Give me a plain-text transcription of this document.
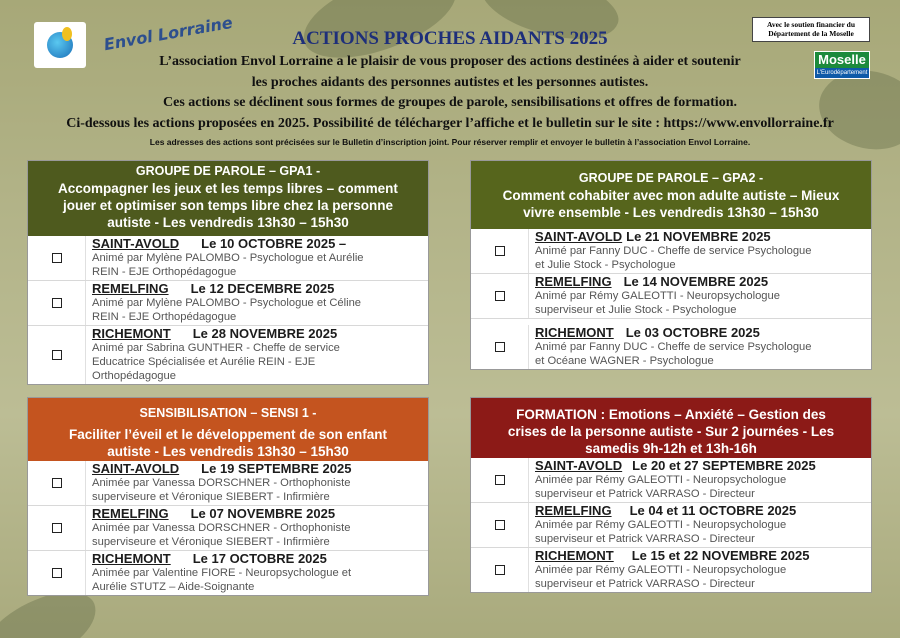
Envol Lorraine	Avec le soutien financier du
Département de la Moselle
Moselle
L'Eurodépartement
ACTIONS PROCHES AIDANTS 2025
L’association Envol Lorraine a le plaisir de vous proposer des actions destinées à aider et soutenir
les proches aidants des personnes autistes et les personnes autistes.
Ces actions se déclinent sous formes de groupes de parole, sensibilisations et offres de formation.
Ci-dessous les actions proposées en 2025. Possibilité de télécharger l’affiche et le bulletin sur le site : https://www.envollorraine.fr
Les adresses des actions sont précisées sur le Bulletin d’inscription joint. Pour réserver remplir et envoyer le bulletin à l’association Envol Lorraine.
GROUPE DE PAROLE – GPA1 -
Accompagner les jeux et les temps libres – comment
jouer et optimiser son temps libre chez la personne
autiste - Les vendredis 13h30 – 15h30
SAINT-AVOLD Le 10 OCTOBRE 2025 –
Animé par Mylène PALOMBO - Psychologue et Aurélie
REIN - EJE Orthopédagogue
REMELFING Le 12 DECEMBRE 2025
Animé par Mylène PALOMBO - Psychologue et Céline
REIN - EJE Orthopédagogue
RICHEMONT Le 28 NOVEMBRE 2025
Animé par Sabrina GUNTHER - Cheffe de service
Educatrice Spécialisée et Aurélie REIN - EJE
Orthopédagogue
GROUPE DE PAROLE – GPA2 -
Comment cohabiter avec mon adulte autiste – Mieux
vivre ensemble - Les vendredis 13h30 – 15h30
SAINT-AVOLD Le 21 NOVEMBRE 2025
Animé par Fanny DUC - Cheffe de service Psychologue
et Julie Stock - Psychologue
REMELFING Le 14 NOVEMBRE 2025
Animé par Rémy GALEOTTI - Neuropsychologue
superviseur et Julie Stock - Psychologue
RICHEMONT Le 03 OCTOBRE 2025
Animé par Fanny DUC - Cheffe de service Psychologue
et Océane WAGNER - Psychologue
SENSIBILISATION – SENSI 1 -
Faciliter l’éveil et le développement de son enfant
autiste - Les vendredis 13h30 – 15h30
SAINT-AVOLD Le 19 SEPTEMBRE 2025
Animée par Vanessa DORSCHNER - Orthophoniste
superviseure et Véronique SIEBERT - Infirmière
REMELFING Le 07 NOVEMBRE 2025
Animée par Vanessa DORSCHNER - Orthophoniste
superviseure et Véronique SIEBERT - Infirmière
RICHEMONT Le 17 OCTOBRE 2025
Animée par Valentine FIORE - Neuropsychologue et
Aurélie STUTZ – Aide-Soignante
FORMATION : Emotions – Anxiété – Gestion des
crises de la personne autiste - Sur 2 journées - Les
samedis 9h-12h et 13h-16h
SAINT-AVOLD Le 20 et 27 SEPTEMBRE 2025
Animée par Rémy GALEOTTI - Neuropsychologue
superviseur et Patrick VARRASO - Directeur
REMELFING Le 04 et 11 OCTOBRE 2025
Animée par Rémy GALEOTTI - Neuropsychologue
superviseur et Patrick VARRASO - Directeur
RICHEMONT Le 15 et 22 NOVEMBRE 2025
Animée par Rémy GALEOTTI - Neuropsychologue
superviseur et Patrick VARRASO - Directeur
